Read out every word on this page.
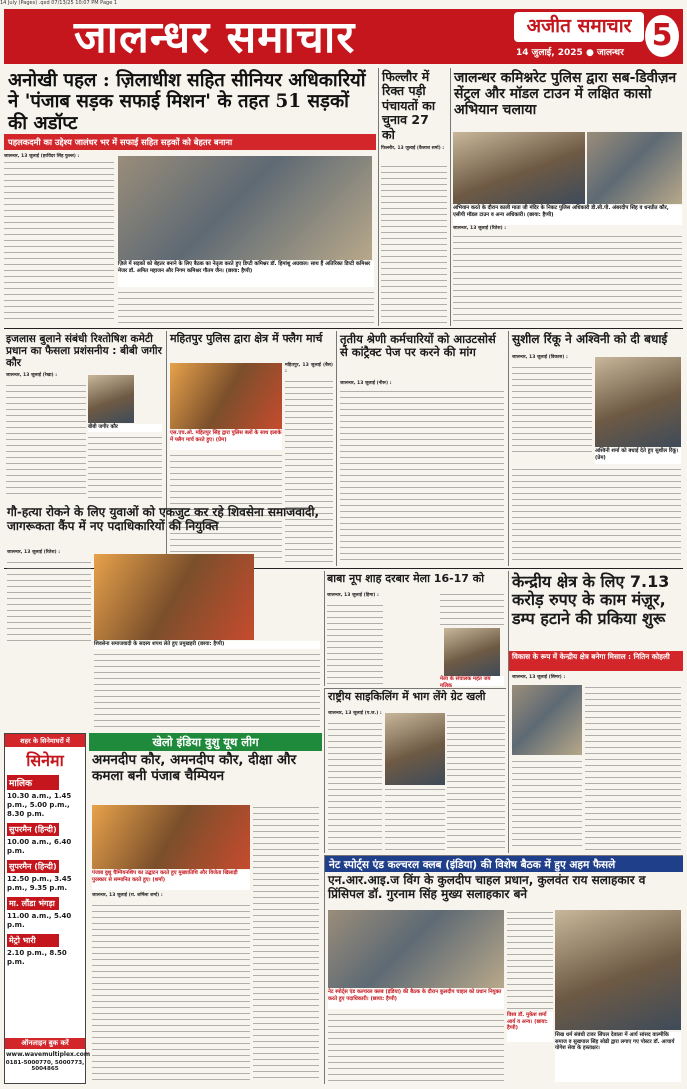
14 July (Pages) .qxd 07/13/25 10:07 PM Page 1
जालन्धर समाचार	अजीत समाचार
14 जुलाई, 2025 ● जालन्धर 5
अनोखी पहल : ज़िलाधीश सहित सीनियर अधिकारियों ने 'पंजाब सड़क सफाई मिशन' के तहत 51 सड़कों की अडॉप्ट
पहलकदमी का उद्देश्य जालंधर भर में सफाई सहित सड़कों को बेहतर बनाना
जालन्धर, 13 जुलाई (हरविंदर सिंह फुल्ल) :
ज़िले में सड़कों को बेहतर बनाने के लिए बैठक का नेतृत्व करते हुए डिप्टी कमिश्नर डॉ. हिमांशु अग्रवाल। साथ हैं अतिरिक्त डिप्टी कमिश्नर मेजर डॉ. अमित महाजन और निगम कमिश्नर गौतम जैन। (छाया: हैप्पी)
फिल्लौर में रिक्त पड़ी पंचायतों का चुनाव 27 को
फिल्लौर, 13 जुलाई (कैलाश शर्मा) :
जालन्धर कमिश्नरेट पुलिस द्वारा सब-डिवीज़न सेंट्रल और मॉडल टाउन में लक्षित कासो अभियान चलाया
अभियान करते के दौरान काली माता जी मंदिर के निकट पुलिस अधिकारी डी.सी.पी. अंबरदीप सिंह व धनप्रीत कौर, एसीपी मॉडल टाउन व अन्य अधिकारी। (छाया: हैप्पी)
जालन्धर, 13 जुलाई (रितेश) :
इजलास बुलाने संबंधी रिश्तोषिश कमेटी प्रधान का फैसला प्रशंसनीय : बीबी जगीर कौर
जालन्धर, 13 जुलाई (रेखा) :
बीबी जगीर कौर
महितपुर पुलिस द्वारा क्षेत्र में फ्लैग मार्च
एस.एच.ओ. महितपुर सिंह द्वारा पुलिस बलों के साथ इलाके में फ्लैग मार्च करते हुए। (प्रेम)
महितपुर, 13 जुलाई (बैस) :
तृतीय श्रेणी कर्मचारियों को आउटसोर्स से कांट्रैक्ट पेज पर करने की मांग
जालन्धर, 13 जुलाई (नीरू) :
सुशील रिंकू ने अश्विनी को दी बधाई
जालन्धर, 13 जुलाई (विकास) :
अश्विनी शर्मा को बधाई देते हुए सुशील रिंकू। (प्रेम)
गौ-हत्या रोकने के लिए युवाओं को एकजुट कर रहे शिवसेना समाजवादी, जागरूकता कैंप में नए पदाधिकारियों की नियुक्ति
जालन्धर, 13 जुलाई (रितेश) :
शिवसेना समाजवादी के सदस्य शपथ लेते हुए प्रमुखहरी (छाया: हैप्पी)
बाबा नूप शाह दरबार मेला 16-17 को
जालन्धर, 13 जुलाई (हिमा) :
मेला के संचालक महंत जय मलिक
राष्ट्रीय साइकिलिंग में भाग लेंगे ग्रेट खली
जालन्धर, 13 जुलाई (प.ज.) :
केन्द्रीय क्षेत्र के लिए 7.13 करोड़ रुपए के काम मंज़ूर, डम्प हटाने की प्रकिया शुरू
विकास के रूप में केन्द्रीय क्षेत्र बनेगा मिसाल : नितिन कोहली
जालन्धर, 13 जुलाई (सिमर) :
शहर के सिनेमाघरों में
सिनेमा
मालिक
10.30 a.m., 1.45 p.m., 5.00 p.m., 8.30 p.m.
सुपरमैन (हिन्दी)
10.00 a.m., 6.40 p.m.
सुपरमैन (हिन्दी)
12.50 p.m., 3.45 p.m., 9.35 p.m.
मा. लौंडा भंगड़ा
11.00 a.m., 5.40 p.m.
मेट्रो भारी
2.10 p.m., 8.50 p.m.
ऑनलाइन बुक करें
www.wavemultiplex.com
0181-5000770, 5000773, 5004865
खेलो इंडिया वुशु यूथ लीग
अमनदीप कौर, अमनदीप कौर, दीक्षा और कमला बनी पंजाब चैम्पियन
पंजाब वुशु चैम्पियनशिप का उद्घाटन करते हुए मुख्यातिथि और विजेता खिलाड़ी पुरस्कार से सम्मानित करते हुए। (शर्मा)
जालन्धर, 13 जुलाई (रा. शर्मिला शर्मा) :
नेट स्पोर्ट्स एंड कल्चरल क्लब (इंडिया) की विशेष बैठक में हुए अहम फैसले
एन.आर.आइ.ज विंग के कुलदीप चाहल प्रधान, कुलवंत राय सलाहकार व प्रिंसिपल डॉ. गुरनाम सिंह मुख्य सलाहकार बने
नेट स्पोर्ट्स एंड कल्चरल क्लब (इंडिया) की बैठक के दौरान कुलदीप चाहल को प्रधान नियुक्त करते हुए पदाधिकारी। (छाया: हैप्पी)
विश्व डॉ. मुकेश शर्मा आर्य व अन्य। (छाया: हैप्पी)
सिख धर्म संबंधी टावर सिंघल देवाला में आर्य सांसद वाल्मीकि समाज व सुखपाल सिंह सोढी द्वारा लगाए गए पोस्टर डॉ. आचार्य योगेश सेवा के हस्ताक्षर।
